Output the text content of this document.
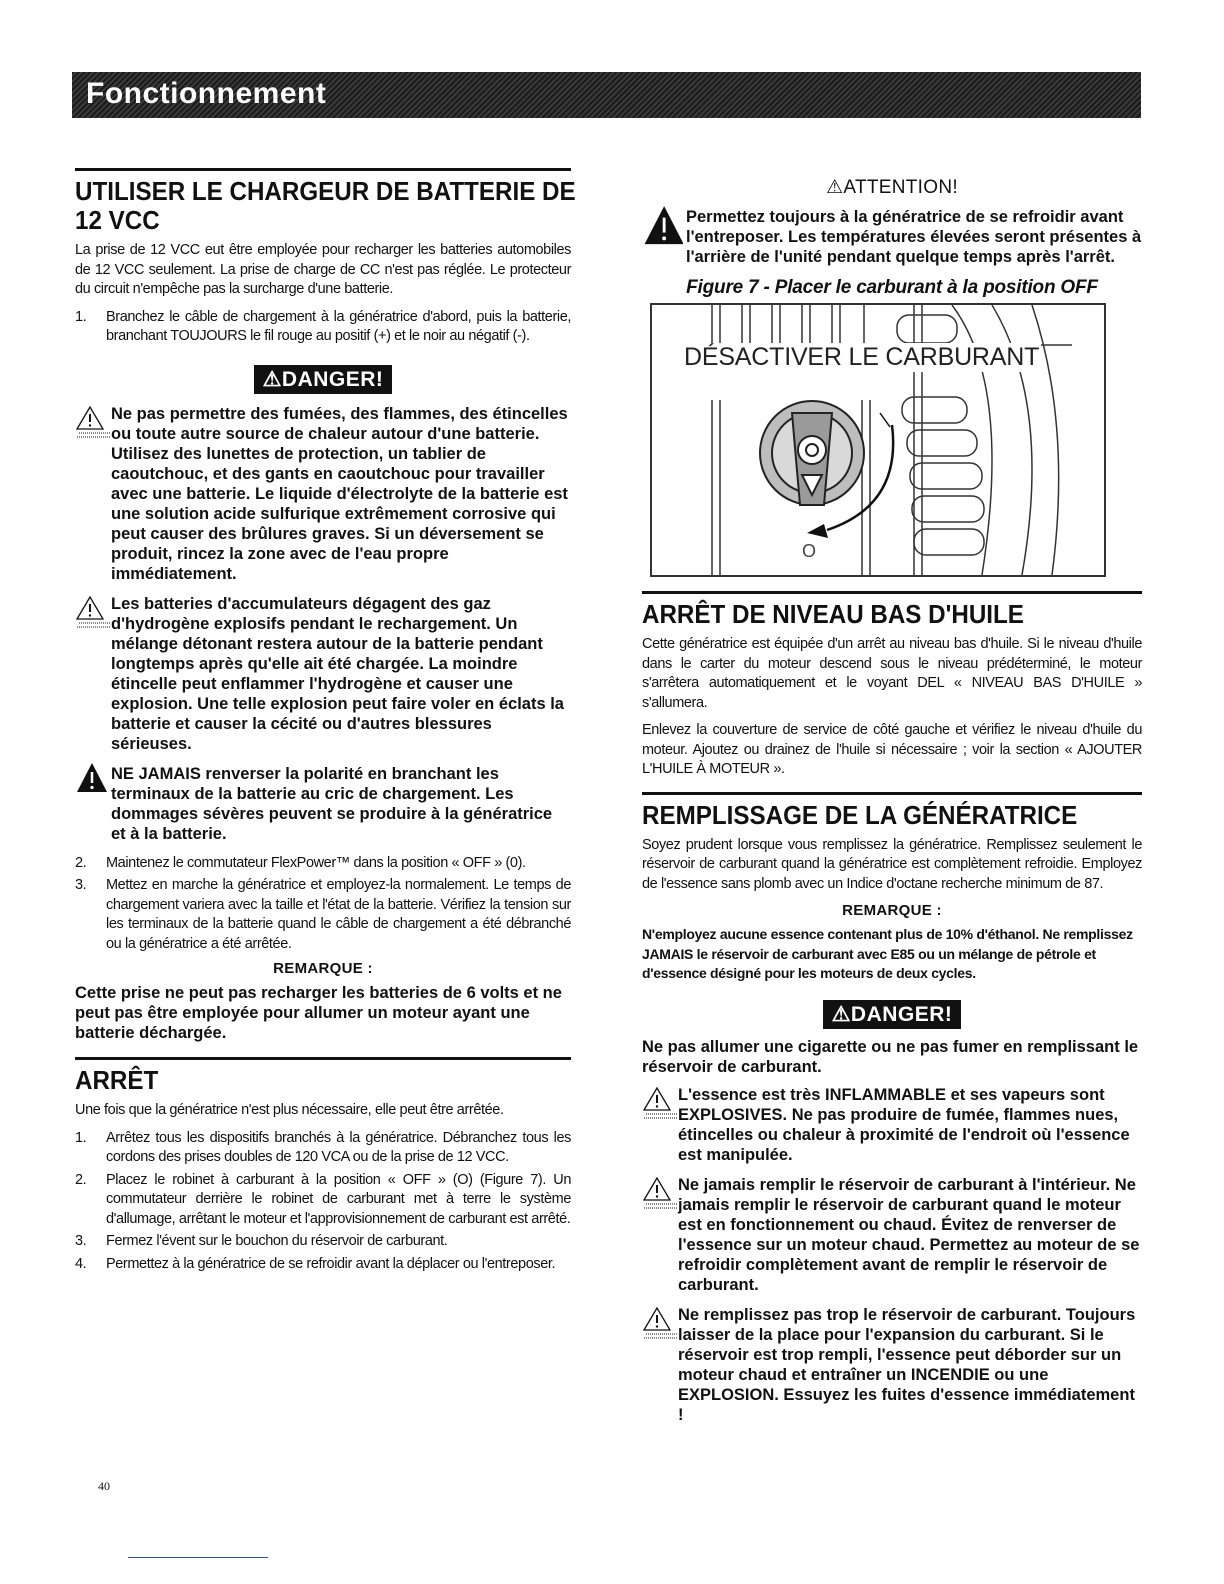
Fonctionnement
UTILISER LE CHARGEUR DE BATTERIE DE
12 VCC

La prise de 12 VCC eut être employée pour recharger les batteries automobiles de 12 VCC seulement. La prise de charge de CC n'est pas réglée. Le protecteur du circuit n'empêche pas la surcharge d'une batterie.

1. Branchez le câble de chargement à la génératrice d'abord, puis la batterie, branchant TOUJOURS le fil rouge au positif (+) et le noir au négatif (-).
⚠DANGER!
Ne pas permettre des fumées, des flammes, des étincelles ou toute autre source de chaleur autour d'une batterie. Utilisez des lunettes de protection, un tablier de caoutchouc, et des gants en caoutchouc pour travailler avec une batterie. Le liquide d'électrolyte de la batterie est une solution acide sulfurique extrêmement corrosive qui peut causer des brûlures graves. Si un déversement se produit, rincez la zone avec de l'eau propre immédiatement.
Les batteries d'accumulateurs dégagent des gaz d'hydrogène explosifs pendant le rechargement. Un mélange détonant restera autour de la batterie pendant longtemps après qu'elle ait été chargée. La moindre étincelle peut enflammer l'hydrogène et causer une explosion. Une telle explosion peut faire voler en éclats la batterie et causer la cécité ou d'autres blessures sérieuses.
NE JAMAIS renverser la polarité en branchant les terminaux de la batterie au cric de chargement. Les dommages sévères peuvent se produire à la génératrice et à la batterie.
2. Maintenez le commutateur FlexPower™ dans la position « OFF » (0).
3. Mettez en marche la génératrice et employez-la normalement. Le temps de chargement variera avec la taille et l'état de la batterie. Vérifiez la tension sur les terminaux de la batterie quand le câble de chargement a été débranché ou la génératrice a été arrêtée.
REMARQUE :

Cette prise ne peut pas recharger les batteries de 6 volts et ne peut pas être employée pour allumer un moteur ayant une batterie déchargée.

ARRÊT

Une fois que la génératrice n'est plus nécessaire, elle peut être arrêtée.

1. Arrêtez tous les dispositifs branchés à la génératrice. Débranchez tous les cordons des prises doubles de 120 VCA ou de la prise de 12 VCC.
2. Placez le robinet à carburant à la position « OFF » (O) (Figure 7). Un commutateur derrière le robinet de carburant met à terre le système d'allumage, arrêtant le moteur et l'approvisionnement de carburant est arrêté.
3. Fermez l'évent sur le bouchon du réservoir de carburant.
4. Permettez à la génératrice de se refroidir avant la déplacer ou l'entreposer.
⚠ATTENTION!
Permettez toujours à la génératrice de se refroidir avant l'entreposer. Les températures élevées seront présentes à l'arrière de l'unité pendant quelque temps après l'arrêt.
Figure 7 - Placer le carburant à la position OFF
DÉSACTIVER LE CARBURANT
O
ARRÊT DE NIVEAU BAS D'HUILE

Cette génératrice est équipée d'un arrêt au niveau bas d'huile. Si le niveau d'huile dans le carter du moteur descend sous le niveau prédéterminé, le moteur s'arrêtera automatiquement et le voyant DEL « NIVEAU BAS D'HUILE » s'allumera.

Enlevez la couverture de service de côté gauche et vérifiez le niveau d'huile du moteur. Ajoutez ou drainez de l'huile si nécessaire ; voir la section « AJOUTER L'HUILE À MOTEUR ».

REMPLISSAGE DE LA GÉNÉRATRICE

Soyez prudent lorsque vous remplissez la génératrice. Remplissez seulement le réservoir de carburant quand la génératrice est complètement refroidie. Employez de l'essence sans plomb avec un Indice d'octane recherche minimum de 87.

REMARQUE :

N'employez aucune essence contenant plus de 10% d'éthanol. Ne remplissez JAMAIS le réservoir de carburant avec E85 ou un mélange de pétrole et d'essence désigné pour les moteurs de deux cycles.

⚠DANGER!

Ne pas allumer une cigarette ou ne pas fumer en remplissant le réservoir de carburant.

L'essence est très INFLAMMABLE et ses vapeurs sont EXPLOSIVES. Ne pas produire de fumée, flammes nues, étincelles ou chaleur à proximité de l'endroit où l'essence est manipulée.
Ne jamais remplir le réservoir de carburant à l'intérieur. Ne jamais remplir le réservoir de carburant quand le moteur est en fonctionnement ou chaud. Évitez de renverser de l'essence sur un moteur chaud. Permettez au moteur de se refroidir complètement avant de remplir le réservoir de carburant.
Ne remplissez pas trop le réservoir de carburant. Toujours laisser de la place pour l'expansion du carburant. Si le réservoir est trop rempli, l'essence peut déborder sur un moteur chaud et entraîner un INCENDIE ou une EXPLOSION. Essuyez les fuites d'essence immédiatement !
40
